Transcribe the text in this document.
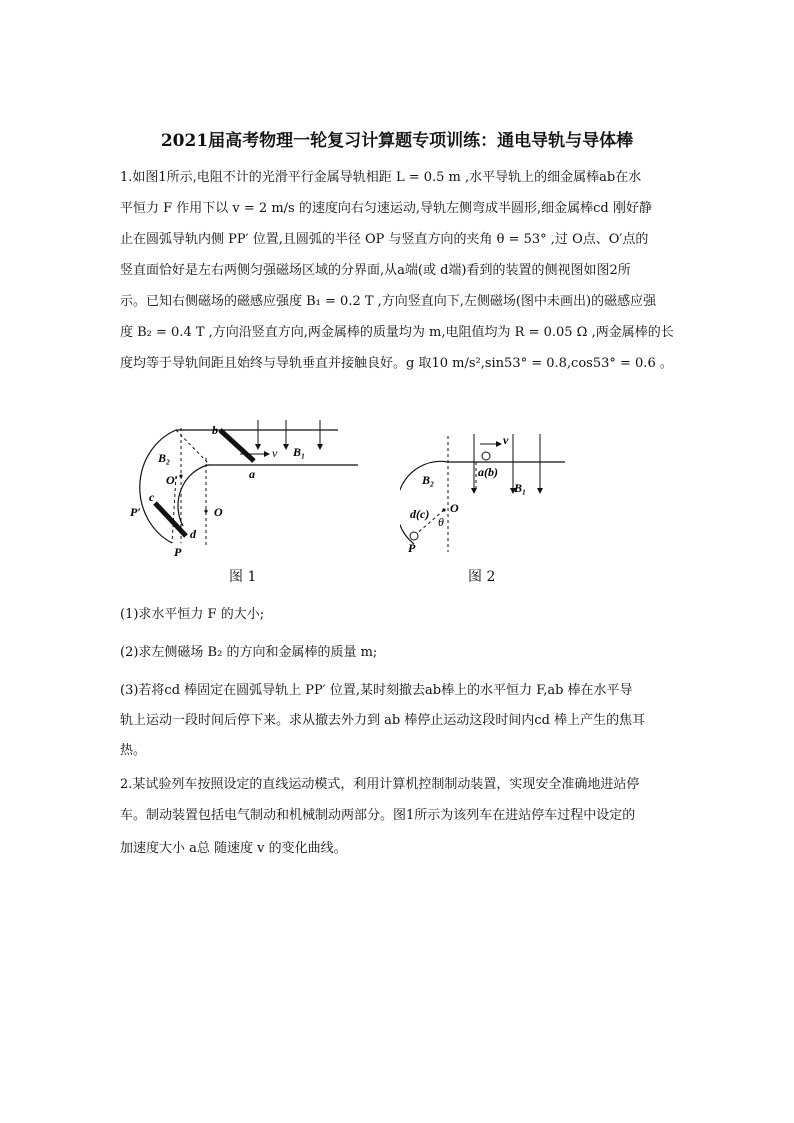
2021届高考物理一轮复习计算题专项训练：通电导轨与导体棒
1.如图1所示,电阻不计的光滑平行金属导轨相距 L = 0.5 m ,水平导轨上的细金属棒ab在水
平恒力 F 作用下以 v = 2 m/s 的速度向右匀速运动,导轨左侧弯成半圆形,细金属棒cd 刚好静
止在圆弧导轨内侧 PP′ 位置,且圆弧的半径 OP 与竖直方向的夹角 θ = 53° ,过 O点、O′点的
竖直面恰好是左右两侧匀强磁场区域的分界面,从a端(或 d端)看到的装置的侧视图如图2所
示。已知右侧磁场的磁感应强度 B₁ = 0.2 T ,方向竖直向下,左侧磁场(图中未画出)的磁感应强
度 B₂ = 0.4 T ,方向沿竖直方向,两金属棒的质量均为 m,电阻值均为 R = 0.05 Ω ,两金属棒的长
度均等于导轨间距且始终与导轨垂直并接触良好。g 取10 m/s²,sin53° = 0.8,cos53° = 0.6 。
b
v B₁
a
B₂
O′
c
P′	O
d
P
图 1
v
a(b)
B₁
B₂
d(c) O
θ
P
图 2
(1)求水平恒力 F 的大小;
(2)求左侧磁场 B₂ 的方向和金属棒的质量 m;
(3)若将cd 棒固定在圆弧导轨上 PP′ 位置,某时刻撤去ab棒上的水平恒力 F,ab 棒在水平导
轨上运动一段时间后停下来。求从撤去外力到 ab 棒停止运动这段时间内cd 棒上产生的焦耳
热。
2.某试验列车按照设定的直线运动模式，利用计算机控制制动装置，实现安全准确地进站停
车。制动装置包括电气制动和机械制动两部分。图1所示为该列车在进站停车过程中设定的
加速度大小 a总 随速度 v 的变化曲线。
